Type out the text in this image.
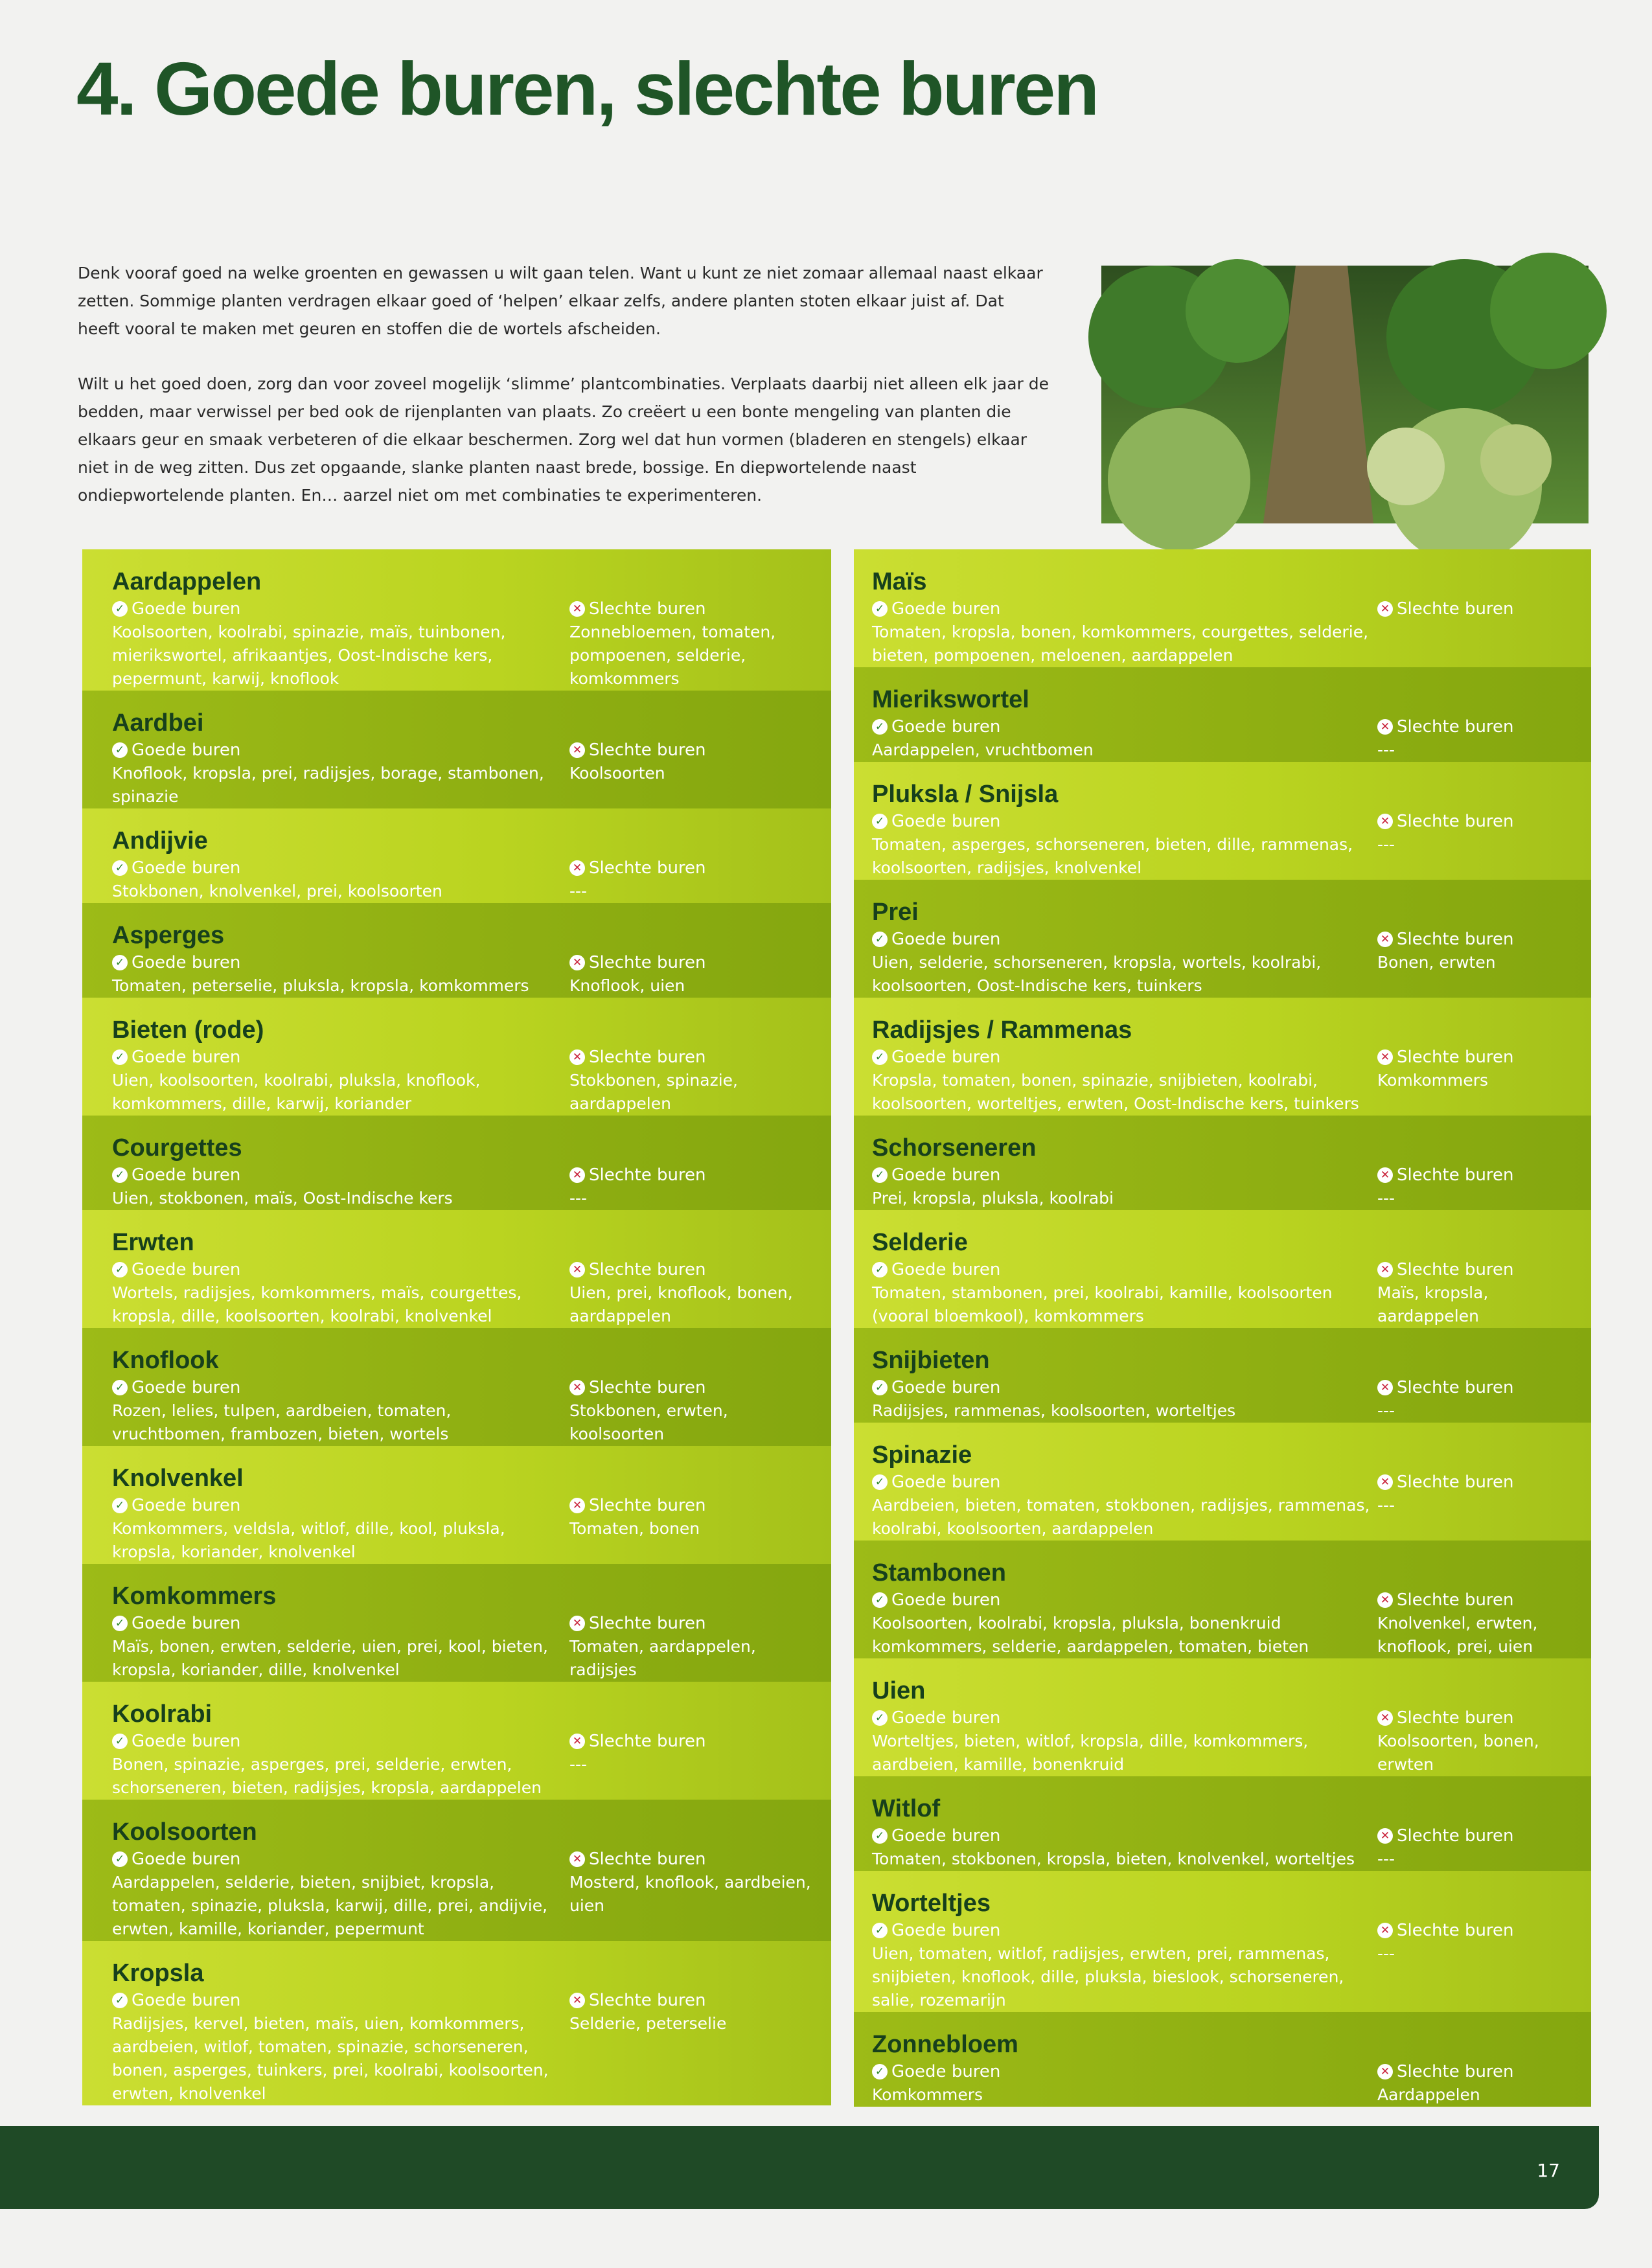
4. Goede buren, slechte buren

Denk vooraf goed na welke groenten en gewassen u wilt gaan telen. Want u kunt ze niet zomaar allemaal naast elkaar zetten. Sommige planten verdragen elkaar goed of ‘helpen’ elkaar zelfs, andere planten stoten elkaar juist af. Dat heeft vooral te maken met geuren en stoffen die de wortels afscheiden.

Wilt u het goed doen, zorg dan voor zoveel mogelijk ‘slimme’ plantcombinaties. Verplaats daarbij niet alleen elk jaar de bedden, maar verwissel per bed ook de rijenplanten van plaats. Zo creëert u een bonte mengeling van planten die elkaars geur en smaak verbeteren of die elkaar beschermen. Zorg wel dat hun vormen (bladeren en stengels) elkaar niet in de weg zitten. Dus zet opgaande, slanke planten naast brede, bossige. En diepwortelende naast ondiepwortelende planten. En… aarzel niet om met combinaties te experimenteren.

Aardappelen
✓ Goede buren
Koolsoorten, koolrabi, spinazie, maïs, tuinbonen, mierikswortel, afrikaantjes, Oost-Indische kers, pepermunt, karwij, knoflook
✕ Slechte buren
Zonnebloemen, tomaten, pompoenen, selderie, komkommers
Aardbei
✓ Goede buren
Knoflook, kropsla, prei, radijsjes, borage, stambonen, spinazie
✕ Slechte buren
Koolsoorten
Andijvie
✓ Goede buren
Stokbonen, knolvenkel, prei, koolsoorten
✕ Slechte buren
---
Asperges
✓ Goede buren
Tomaten, peterselie, pluksla, kropsla, komkommers
✕ Slechte buren
Knoflook, uien
Bieten (rode)
✓ Goede buren
Uien, koolsoorten, koolrabi, pluksla, knoflook, komkommers, dille, karwij, koriander
✕ Slechte buren
Stokbonen, spinazie, aardappelen
Courgettes
✓ Goede buren
Uien, stokbonen, maïs, Oost-Indische kers
✕ Slechte buren
---
Erwten
✓ Goede buren
Wortels, radijsjes, komkommers, maïs, courgettes, kropsla, dille, koolsoorten, koolrabi, knolvenkel
✕ Slechte buren
Uien, prei, knoflook, bonen, aardappelen
Knoflook
✓ Goede buren
Rozen, lelies, tulpen, aardbeien, tomaten, vruchtbomen, frambozen, bieten, wortels
✕ Slechte buren
Stokbonen, erwten, koolsoorten
Knolvenkel
✓ Goede buren
Komkommers, veldsla, witlof, dille, kool, pluksla, kropsla, koriander, knolvenkel
✕ Slechte buren
Tomaten, bonen
Komkommers
✓ Goede buren
Maïs, bonen, erwten, selderie, uien, prei, kool, bieten, kropsla, koriander, dille, knolvenkel
✕ Slechte buren
Tomaten, aardappelen, radijsjes
Koolrabi
✓ Goede buren
Bonen, spinazie, asperges, prei, selderie, erwten, schorseneren, bieten, radijsjes, kropsla, aardappelen
✕ Slechte buren
---
Koolsoorten
✓ Goede buren
Aardappelen, selderie, bieten, snijbiet, kropsla, tomaten, spinazie, pluksla, karwij, dille, prei, andijvie, erwten, kamille, koriander, pepermunt
✕ Slechte buren
Mosterd, knoflook, aardbeien, uien
Kropsla
✓ Goede buren
Radijsjes, kervel, bieten, maïs, uien, komkommers, aardbeien, witlof, tomaten, spinazie, schorseneren, bonen, asperges, tuinkers, prei, koolrabi, koolsoorten, erwten, knolvenkel
✕ Slechte buren
Selderie, peterselie
Maïs
✓ Goede buren
Tomaten, kropsla, bonen, komkommers, courgettes, selderie, bieten, pompoenen, meloenen, aardappelen
✕ Slechte buren
Mierikswortel
✓ Goede buren
Aardappelen, vruchtbomen
✕ Slechte buren
---
Pluksla / Snijsla
✓ Goede buren
Tomaten, asperges, schorseneren, bieten, dille, rammenas, koolsoorten, radijsjes, knolvenkel
✕ Slechte buren
---
Prei
✓ Goede buren
Uien, selderie, schorseneren, kropsla, wortels, koolrabi, koolsoorten, Oost-Indische kers, tuinkers
✕ Slechte buren
Bonen, erwten
Radijsjes / Rammenas
✓ Goede buren
Kropsla, tomaten, bonen, spinazie, snijbieten, koolrabi, koolsoorten, worteltjes, erwten, Oost-Indische kers, tuinkers
✕ Slechte buren
Komkommers
Schorseneren
✓ Goede buren
Prei, kropsla, pluksla, koolrabi
✕ Slechte buren
---
Selderie
✓ Goede buren
Tomaten, stambonen, prei, koolrabi, kamille, koolsoorten (vooral bloemkool), komkommers
✕ Slechte buren
Maïs, kropsla, aardappelen
Snijbieten
✓ Goede buren
Radijsjes, rammenas, koolsoorten, worteltjes
✕ Slechte buren
---
Spinazie
✓ Goede buren
Aardbeien, bieten, tomaten, stokbonen, radijsjes, rammenas, koolrabi, koolsoorten, aardappelen
✕ Slechte buren
---
Stambonen
✓ Goede buren
Koolsoorten, koolrabi, kropsla, pluksla, bonenkruid komkommers, selderie, aardappelen, tomaten, bieten
✕ Slechte buren
Knolvenkel, erwten, knoflook, prei, uien
Uien
✓ Goede buren
Worteltjes, bieten, witlof, kropsla, dille, komkommers, aardbeien, kamille, bonenkruid
✕ Slechte buren
Koolsoorten, bonen, erwten
Witlof
✓ Goede buren
Tomaten, stokbonen, kropsla, bieten, knolvenkel, worteltjes
✕ Slechte buren
---
Worteltjes
✓ Goede buren
Uien, tomaten, witlof, radijsjes, erwten, prei, rammenas, snijbieten, knoflook, dille, pluksla, bieslook, schorseneren, salie, rozemarijn
✕ Slechte buren
---
Zonnebloem
✓ Goede buren
Komkommers
✕ Slechte buren
Aardappelen
17
